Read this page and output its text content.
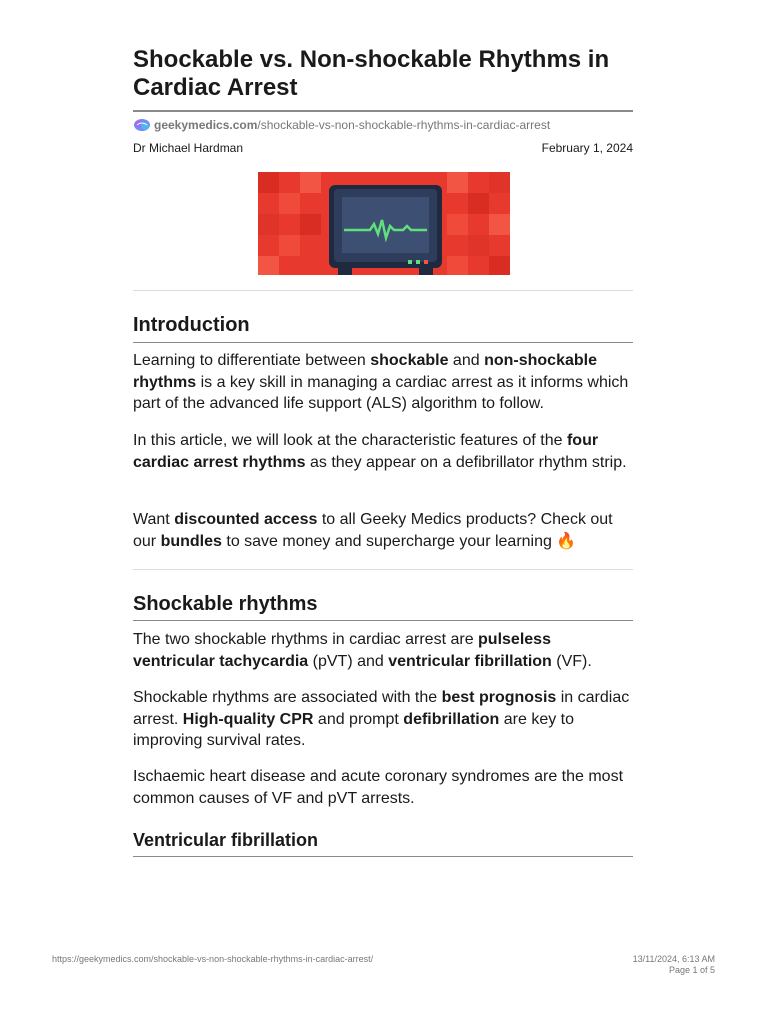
Shockable vs. Non-shockable Rhythms in Cardiac Arrest
geekymedics.com /shockable-vs-non-shockable-rhythms-in-cardiac-arrest
Dr Michael Hardman	February 1, 2024
Introduction

Learning to differentiate between shockable and non-shockable rhythms is a key skill in managing a cardiac arrest as it informs which part of the advanced life support (ALS) algorithm to follow.

In this article, we will look at the characteristic features of the four cardiac arrest rhythms as they appear on a defibrillator rhythm strip.

Want discounted access to all Geeky Medics products? Check out our bundles to save money and supercharge your learning 🔥

Shockable rhythms

The two shockable rhythms in cardiac arrest are pulseless ventricular tachycardia (pVT) and ventricular fibrillation (VF).

Shockable rhythms are associated with the best prognosis in cardiac arrest. High-quality CPR and prompt defibrillation are key to improving survival rates.

Ischaemic heart disease and acute coronary syndromes are the most common causes of VF and pVT arrests.

Ventricular fibrillation
https://geekymedics.com/shockable-vs-non-shockable-rhythms-in-cardiac-arrest/	13/11/2024, 6:13 AM
Page 1 of 5
